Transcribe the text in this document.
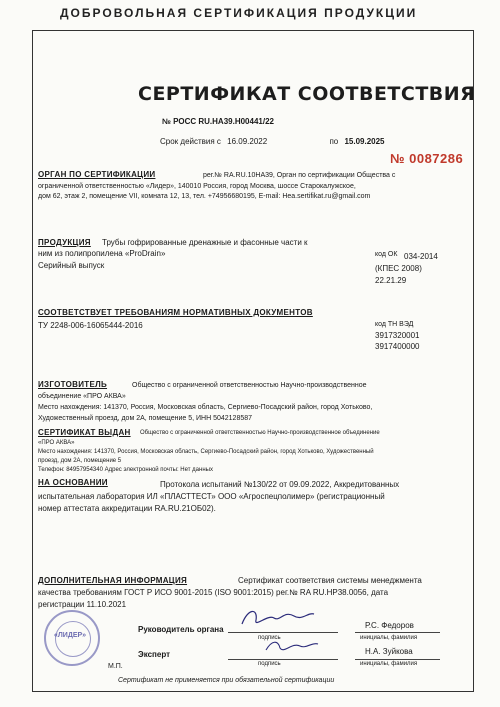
ДОБРОВОЛЬНАЯ СЕРТИФИКАЦИЯ ПРОДУКЦИИ
СЕРТИФИКАТ СООТВЕТСТВИЯ
№ РОСС RU.НА39.Н00441/22
Срок действия с 16.09.2022	по 15.09.2025
№ 0087286
ОРГАН ПО СЕРТИФИКАЦИИ	рег.№ RA.RU.10НА39, Орган по сертификации Общества с
ограниченной ответственностью «Лидер», 140010 Россия, город Москва, шоссе Старокалужское,
дом 62, этаж 2, помещение VII, комната 12, 13, тел. +74956680195, E-mail: Hea.sertifikat.ru@gmail.com
ПРОДУКЦИЯ Трубы гофрированные дренажные и фасонные части к
ним из полипропилена «ProDrain»
Серийный выпуск
код ОК 034-2014
(КПЕС 2008)
22.21.29
СООТВЕТСТВУЕТ ТРЕБОВАНИЯМ НОРМАТИВНЫХ ДОКУМЕНТОВ
ТУ 2248-006-16065444-2016	код ТН ВЭД
3917320001
3917400000
ИЗГОТОВИТЕЛЬ	Общество с ограниченной ответственностью Научно-производственное
объединение «ПРО АКВА»
Место нахождения: 141370, Россия, Московская область, Сергиево-Посадский район, город Хотьково,
Художественный проезд, дом 2А, помещение 5, ИНН 5042128587
СЕРТИФИКАТ ВЫДАН Общество с ограниченной ответственностью Научно-производственное объединение
«ПРО АКВА»
Место нахождения: 141370, Россия, Московская область, Сергиево-Посадский район, город Хотьково, Художественный
проезд, дом 2А, помещение 5
Телефон: 84957954340 Адрес электронной почты: Нет данных
НА ОСНОВАНИИ	Протокола испытаний №130/22 от 09.09.2022, Аккредитованных
испытательная лаборатория ИЛ «ПЛАСТТЕСТ» ООО «Агроспецполимер» (регистрационный
номер аттестата аккредитации RA.RU.21ОБ02).
ДОПОЛНИТЕЛЬНАЯ ИНФОРМАЦИЯ	Сертификат соответствия системы менеджмента
качества требованиям ГОСТ Р ИСО 9001-2015 (ISO 9001:2015) рег.№ RA RU.НР38.0056, дата
регистрации 11.10.2021
Руководитель органа
подпись
Р.С. Федоров
инициалы, фамилия
Эксперт
подпись
Н.А. Зуйкова
инициалы, фамилия
«ЛИДЕР»
М.П.
Сертификат не применяется при обязательной сертификации
